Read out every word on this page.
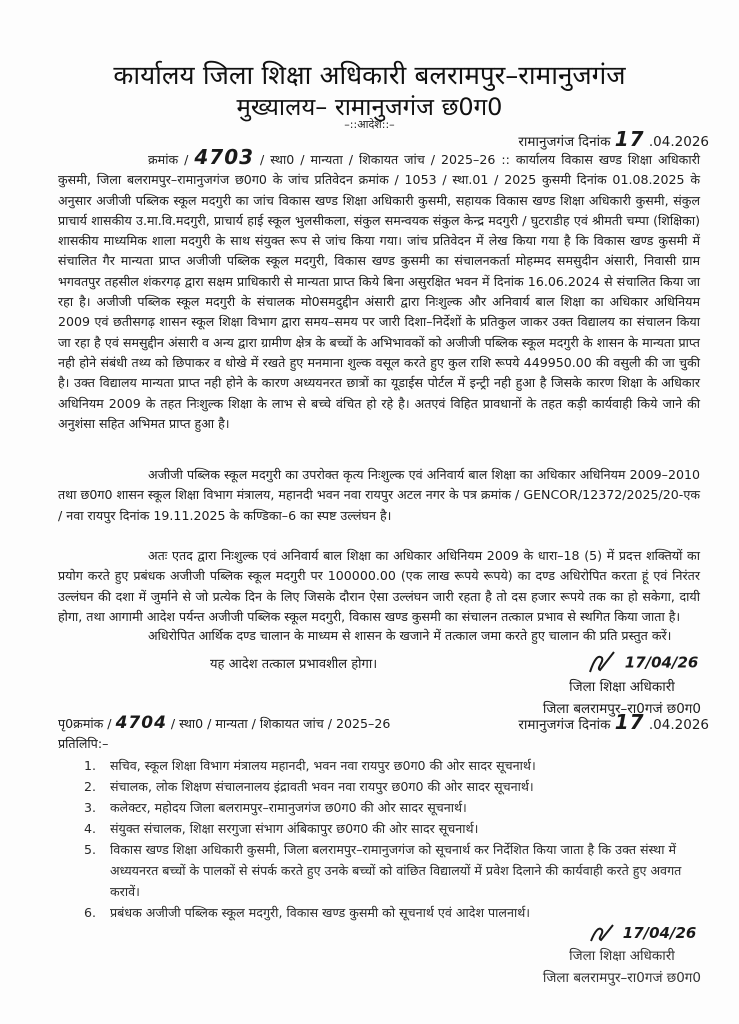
कार्यालय जिला शिक्षा अधिकारी बलरामपुर–रामानुजगंज
मुख्यालय– रामानुजगंज छ0ग0
–::आदेश::–
रामानुजगंज दिनांक 17 .04.2026
क्रमांक / 4703 / स्था0 / मान्यता / शिकायत जांच / 2025–26 :: कार्यालय विकास खण्ड शिक्षा अधिकारी कुसमी, जिला बलरामपुर–रामानुजगंज छ0ग0 के जांच प्रतिवेदन क्रमांक / 1053 / स्था.01 / 2025 कुसमी दिनांक 01.08.2025 के अनुसार अजीजी पब्लिक स्कूल मदगुरी का जांच विकास खण्ड शिक्षा अधिकारी कुसमी, सहायक विकास खण्ड शिक्षा अधिकारी कुसमी, संकुल प्राचार्य शासकीय उ.मा.वि.मदगुरी, प्राचार्य हाई स्कूल भुलसीकला, संकुल समन्वयक संकुल केन्द्र मदगुरी / घुटराडीह एवं श्रीमती चम्पा (शिक्षिका) शासकीय माध्यमिक शाला मदगुरी के साथ संयुक्त रूप से जांच किया गया। जांच प्रतिवेदन में लेख किया गया है कि विकास खण्ड कुसमी में संचालित गैर मान्यता प्राप्त अजीजी पब्लिक स्कूल मदगुरी, विकास खण्ड कुसमी का संचालनकर्ता मोहम्मद समसुदीन अंसारी, निवासी ग्राम भगवतपुर तहसील शंकरगढ़ द्वारा सक्षम प्राधिकारी से मान्यता प्राप्त किये बिना असुरक्षित भवन में दिनांक 16.06.2024 से संचालित किया जा रहा है। अजीजी पब्लिक स्कूल मदगुरी के संचालक मो0समदुद्दीन अंसारी द्वारा निःशुल्क और अनिवार्य बाल शिक्षा का अधिकार अधिनियम 2009 एवं छतीसगढ़ शासन स्कूल शिक्षा विभाग द्वारा समय–समय पर जारी दिशा–निर्देशों के प्रतिकुल जाकर उक्त विद्यालय का संचालन किया जा रहा है एवं समसुद्दीन अंसारी व अन्य द्वारा ग्रामीण क्षेत्र के बच्चों के अभिभावकों को अजीजी पब्लिक स्कूल मदगुरी के शासन के मान्यता प्राप्त नही होने संबंधी तथ्य को छिपाकर व धोखे में रखते हुए मनमाना शुल्क वसूल करते हुए कुल राशि रूपये 449950.00 की वसुली की जा चुकी है। उक्त विद्यालय मान्यता प्राप्त नही होने के कारण अध्ययनरत छात्रों का यूडाईस पोर्टल में इन्ट्री नही हुआ है जिसके कारण शिक्षा के अधिकार अधिनियम 2009 के तहत निःशुल्क शिक्षा के लाभ से बच्चे वंचित हो रहे है। अतएवं विहित प्रावधानों के तहत कड़ी कार्यवाही किये जाने की अनुशंसा सहित अभिमत प्राप्त हुआ है।
अजीजी पब्लिक स्कूल मदगुरी का उपरोक्त कृत्य निःशुल्क एवं अनिवार्य बाल शिक्षा का अधिकार अधिनियम 2009–2010 तथा छ0ग0 शासन स्कूल शिक्षा विभाग मंत्रालय, महानदी भवन नवा रायपुर अटल नगर के पत्र क्रमांक / GENCOR/12372/2025/20-एक / नवा रायपुर दिनांक 19.11.2025 के कण्डिका–6 का स्पष्ट उल्लंघन है।
अतः एतद द्वारा निःशुल्क एवं अनिवार्य बाल शिक्षा का अधिकार अधिनियम 2009 के धारा–18 (5) में प्रदत्त शक्तियों का प्रयोग करते हुए प्रबंधक अजीजी पब्लिक स्कूल मदगुरी पर 100000.00 (एक लाख रूपये रूपये) का दण्ड अधिरोपित करता हूं एवं निरंतर उल्लंघन की दशा में जुर्माने से जो प्रत्येक दिन के लिए जिसके दौरान ऐसा उल्लंघन जारी रहता है तो दस हजार रूपये तक का हो सकेगा, दायी होगा, तथा आगामी आदेश पर्यन्त अजीजी पब्लिक स्कूल मदगुरी, विकास खण्ड कुसमी का संचालन तत्काल प्रभाव से स्थगित किया जाता है।
अधिरोपित आर्थिक दण्ड चालान के माध्यम से शासन के खजाने में तत्काल जमा करते हुए चालान की प्रति प्रस्तुत करें।
यह आदेश तत्काल प्रभावशील होगा।	17/04/26
जिला शिक्षा अधिकारी
जिला बलरामपुर–रा0गजं छ0ग0
पृ0क्रमांक / 4704 / स्था0 / मान्यता / शिकायत जांच / 2025–26	रामानुजगंज दिनांक 17 .04.2026
प्रतिलिपि:–
1. सचिव, स्कूल शिक्षा विभाग मंत्रालय महानदी, भवन नवा रायपुर छ0ग0 की ओर सादर सूचनार्थ।
2. संचालक, लोक शिक्षण संचालनालय इंद्रावती भवन नवा रायपुर छ0ग0 की ओर सादर सूचनार्थ।
3. कलेक्टर, महोदय जिला बलरामपुर–रामानुजगंज छ0ग0 की ओर सादर सूचनार्थ।
4. संयुक्त संचालक, शिक्षा सरगुजा संभाग अंबिकापुर छ0ग0 की ओर सादर सूचनार्थ।
5. विकास खण्ड शिक्षा अधिकारी कुसमी, जिला बलरामपुर–रामानुजगंज को सूचनार्थ कर निर्देशित किया जाता है कि उक्त संस्था में अध्ययनरत बच्चों के पालकों से संपर्क करते हुए उनके बच्चों को वांछित विद्यालयों में प्रवेश दिलाने की कार्यवाही करते हुए अवगत करावें।
6. प्रबंधक अजीजी पब्लिक स्कूल मदगुरी, विकास खण्ड कुसमी को सूचनार्थ एवं आदेश पालनार्थ।
17/04/26
जिला शिक्षा अधिकारी
जिला बलरामपुर–रा0गजं छ0ग0
